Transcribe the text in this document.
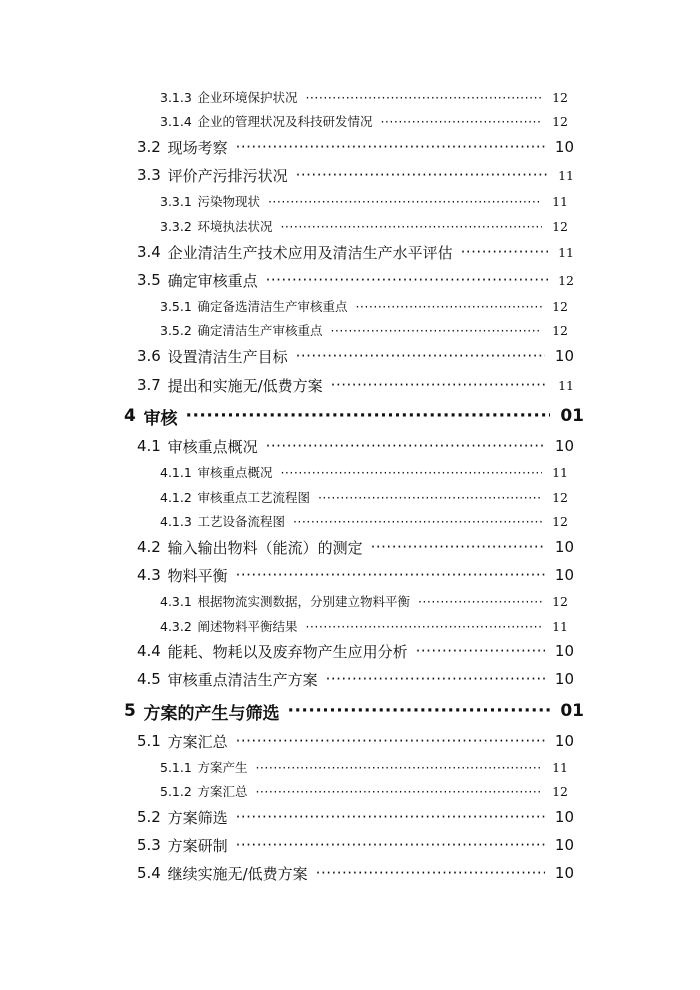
3.1.3 企业环境保护状况 ·····	12
3.1.4 企业的管理状况及科技研发情况 ·····	12
3.2 现场考察 ·····	10
3.3 评价产污排污状况 ·····	11
3.3.1 污染物现状 ·····	11
3.3.2 环境执法状况 ·····	12
3.4 企业清洁生产技术应用及清洁生产水平评估 ·····	11
3.5 确定审核重点 ·····	12
3.5.1 确定备选清洁生产审核重点 ·····	12
3.5.2 确定清洁生产审核重点 ·····	12
3.6 设置清洁生产目标 ·····	10
3.7 提出和实施无/低费方案 ·····	11
4 审核 ·····	01
4.1 审核重点概况 ·····	10
4.1.1 审核重点概况 ·····	11
4.1.2 审核重点工艺流程图 ·····	12
4.1.3 工艺设备流程图 ·····	12
4.2 输入输出物料（能流）的测定 ·····	10
4.3 物料平衡 ·····	10
4.3.1 根据物流实测数据，分别建立物料平衡 ·····	12
4.3.2 阐述物料平衡结果 ·····	11
4.4 能耗、物耗以及废弃物产生应用分析 ·····	10
4.5 审核重点清洁生产方案 ·····	10
5 方案的产生与筛选 ·····	01
5.1 方案汇总 ·····	10
5.1.1 方案产生 ·····	11
5.1.2 方案汇总 ·····	12
5.2 方案筛选 ·····	10
5.3 方案研制 ·····	10
5.4 继续实施无/低费方案 ·····	10
